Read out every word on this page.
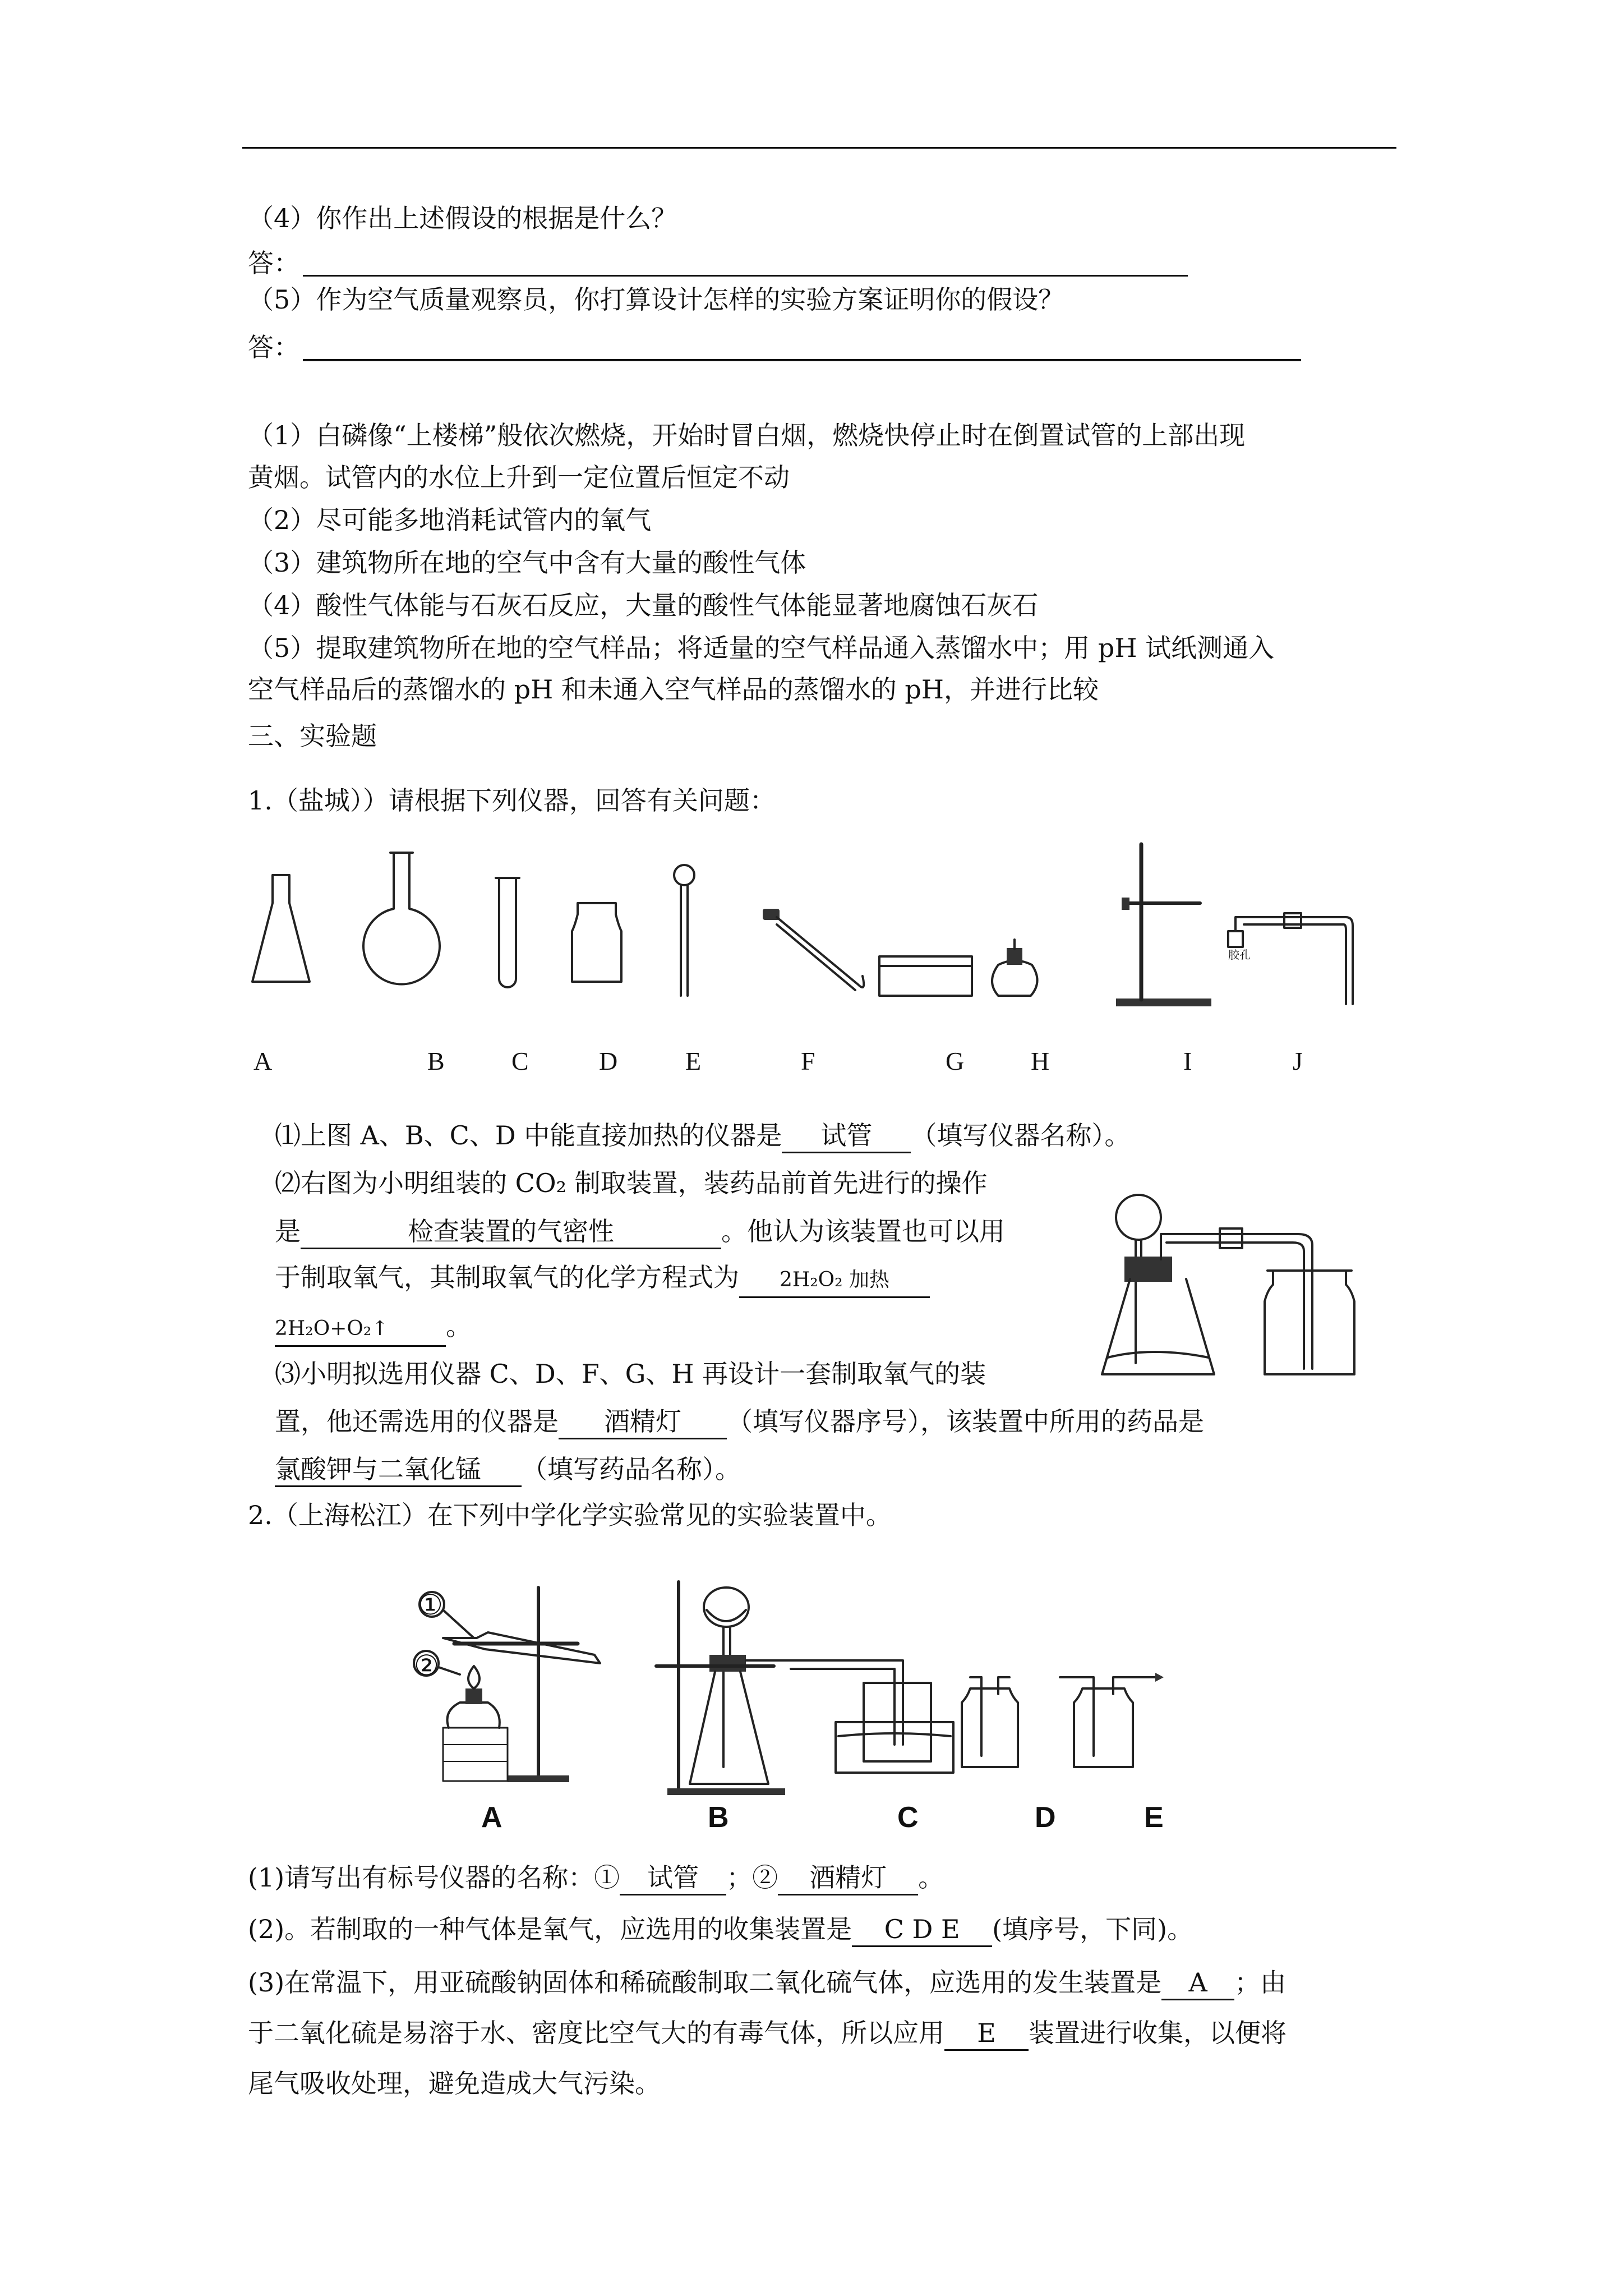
（4）你作出上述假设的根据是什么？
答：
（5）作为空气质量观察员，你打算设计怎样的实验方案证明你的假设？
答：
（1）白磷像“上楼梯”般依次燃烧，开始时冒白烟，燃烧快停止时在倒置试管的上部出现
黄烟。试管内的水位上升到一定位置后恒定不动
（2）尽可能多地消耗试管内的氧气
（3）建筑物所在地的空气中含有大量的酸性气体
（4）酸性气体能与石灰石反应，大量的酸性气体能显著地腐蚀石灰石
（5）提取建筑物所在地的空气样品；将适量的空气样品通入蒸馏水中；用 pH 试纸测通入
空气样品后的蒸馏水的 pH 和未通入空气样品的蒸馏水的 pH，并进行比较
三、实验题
1.（盐城））请根据下列仪器，回答有关问题：
胶孔
A	B	C	D	E	F	G	H	I	J
⑴上图 A、B、C、D 中能直接加热的仪器是 试管 （填写仪器名称）。
⑵右图为小明组装的 CO₂ 制取装置，装药品前首先进行的操作
是	检查装置的气密性	。他认为该装置也可以用
于制取氧气，其制取氧气的化学方程式为 2H₂O₂ 加热
2H₂O+O₂↑ 。
⑶小明拟选用仪器 C、D、F、G、H 再设计一套制取氧气的装
置，他还需选用的仪器是 酒精灯 （填写仪器序号），该装置中所用的药品是
氯酸钾与二氧化锰 （填写药品名称）。
2.（上海松江）在下列中学化学实验常见的实验装置中。
①
②
A	B	C	D	E
(1)请写出有标号仪器的名称：① 试管 ；② 酒精灯 。
(2)。若制取的一种气体是氧气，应选用的收集装置是 C D E (填序号，下同)。
(3)在常温下，用亚硫酸钠固体和稀硫酸制取二氧化硫气体，应选用的发生装置是 A ；由
于二氧化硫是易溶于水、密度比空气大的有毒气体，所以应用 E 装置进行收集，以便将
尾气吸收处理，避免造成大气污染。
